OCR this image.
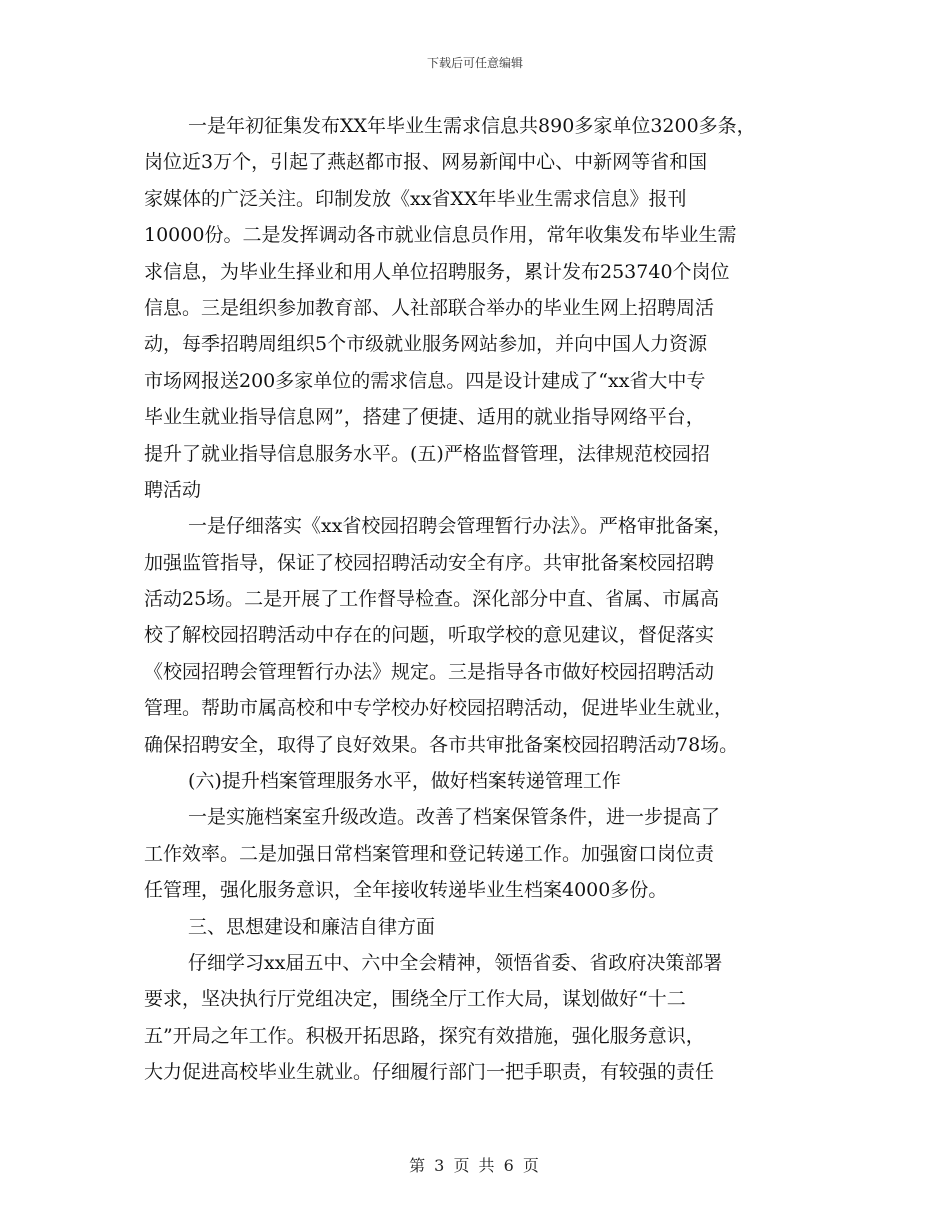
下载后可任意编辑
一是年初征集发布XX年毕业生需求信息共890多家单位3200多条，
岗位近3万个，引起了燕赵都市报、网易新闻中心、中新网等省和国
家媒体的广泛关注。印制发放《xx省XX年毕业生需求信息》报刊
10000份。二是发挥调动各市就业信息员作用，常年收集发布毕业生需
求信息，为毕业生择业和用人单位招聘服务，累计发布253740个岗位
信息。三是组织参加教育部、人社部联合举办的毕业生网上招聘周活
动，每季招聘周组织5个市级就业服务网站参加，并向中国人力资源
市场网报送200多家单位的需求信息。四是设计建成了“xx省大中专
毕业生就业指导信息网”，搭建了便捷、适用的就业指导网络平台，
提升了就业指导信息服务水平。(五)严格监督管理，法律规范校园招
聘活动
一是仔细落实《xx省校园招聘会管理暂行办法》。严格审批备案，
加强监管指导，保证了校园招聘活动安全有序。共审批备案校园招聘
活动25场。二是开展了工作督导检查。深化部分中直、省属、市属高
校了解校园招聘活动中存在的问题，听取学校的意见建议，督促落实
《校园招聘会管理暂行办法》规定。三是指导各市做好校园招聘活动
管理。帮助市属高校和中专学校办好校园招聘活动，促进毕业生就业，
确保招聘安全，取得了良好效果。各市共审批备案校园招聘活动78场。
(六)提升档案管理服务水平，做好档案转递管理工作
一是实施档案室升级改造。改善了档案保管条件，进一步提高了
工作效率。二是加强日常档案管理和登记转递工作。加强窗口岗位责
任管理，强化服务意识，全年接收转递毕业生档案4000多份。
三、思想建设和廉洁自律方面
仔细学习xx届五中、六中全会精神，领悟省委、省政府决策部署
要求，坚决执行厅党组决定，围绕全厅工作大局，谋划做好“十二
五”开局之年工作。积极开拓思路，探究有效措施，强化服务意识，
大力促进高校毕业生就业。仔细履行部门一把手职责，有较强的责任
第 3 页 共 6 页
